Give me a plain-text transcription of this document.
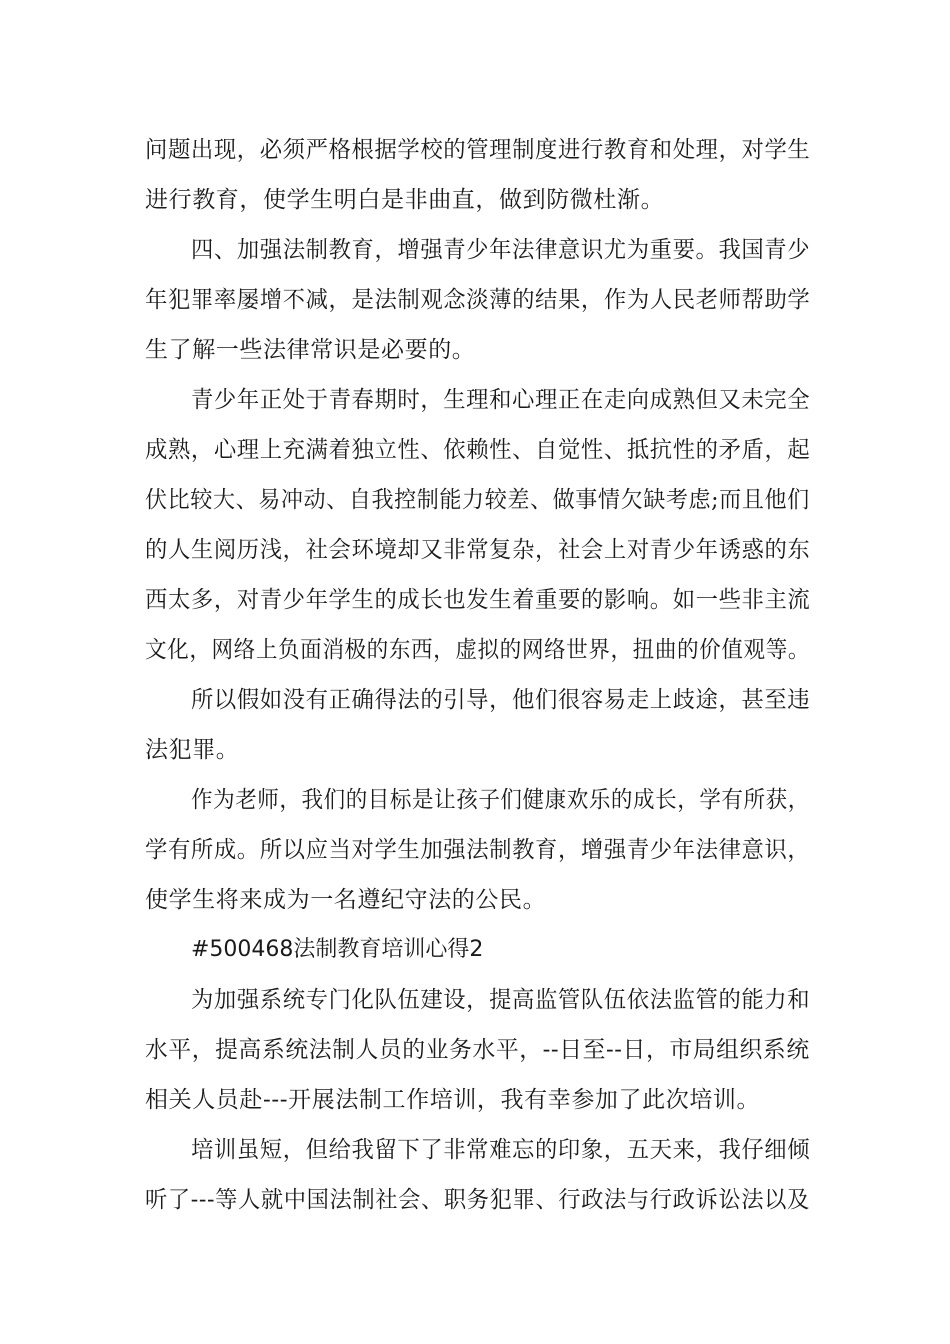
问题出现，必须严格根据学校的管理制度进行教育和处理，对学生
进行教育，使学生明白是非曲直，做到防微杜渐。
四、加强法制教育，增强青少年法律意识尤为重要。我国青少
年犯罪率屡增不减，是法制观念淡薄的结果，作为人民老师帮助学
生了解一些法律常识是必要的。
青少年正处于青春期时，生理和心理正在走向成熟但又未完全
成熟，心理上充满着独立性、依赖性、自觉性、抵抗性的矛盾，起
伏比较大、易冲动、自我控制能力较差、做事情欠缺考虑;而且他们
的人生阅历浅，社会环境却又非常复杂，社会上对青少年诱惑的东
西太多，对青少年学生的成长也发生着重要的影响。如一些非主流
文化，网络上负面消极的东西，虚拟的网络世界，扭曲的价值观等。
所以假如没有正确得法的引导，他们很容易走上歧途，甚至违
法犯罪。
作为老师，我们的目标是让孩子们健康欢乐的成长，学有所获，
学有所成。所以应当对学生加强法制教育，增强青少年法律意识，
使学生将来成为一名遵纪守法的公民。
#500468法制教育培训心得2
为加强系统专门化队伍建设，提高监管队伍依法监管的能力和
水平，提高系统法制人员的业务水平，--日至--日，市局组织系统
相关人员赴---开展法制工作培训，我有幸参加了此次培训。
培训虽短，但给我留下了非常难忘的印象，五天来，我仔细倾
听了---等人就中国法制社会、职务犯罪、行政法与行政诉讼法以及
